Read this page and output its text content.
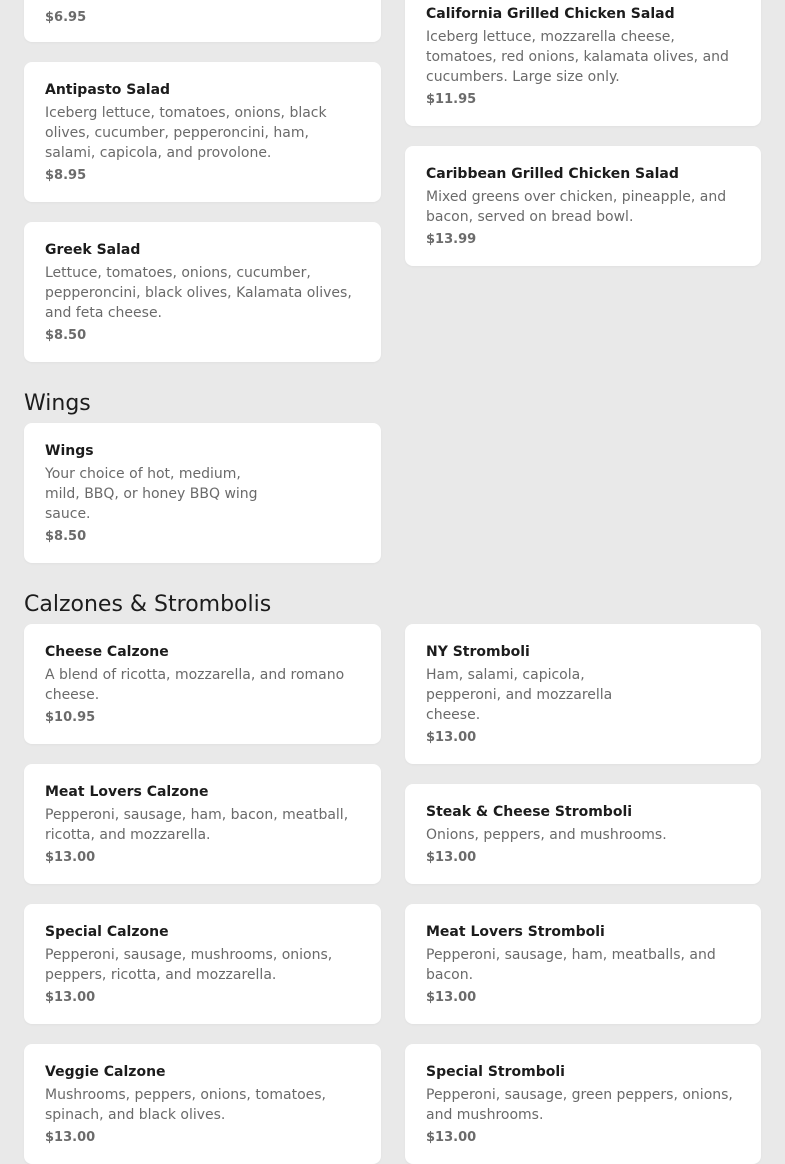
$6.95
Antipasto Salad
Iceberg lettuce, tomatoes, onions, black olives, cucumber, pepperoncini, ham, salami, capicola, and provolone.
$8.95
Greek Salad
Lettuce, tomatoes, onions, cucumber, pepperoncini, black olives, Kalamata olives, and feta cheese.
$8.50
California Grilled Chicken Salad
Iceberg lettuce, mozzarella cheese, tomatoes, red onions, kalamata olives, and cucumbers. Large size only.
$11.95
Caribbean Grilled Chicken Salad
Mixed greens over chicken, pineapple, and bacon, served on bread bowl.
$13.99
Wings
Wings
Your choice of hot, medium, mild, BBQ, or honey BBQ wing sauce.
$8.50
Calzones & Strombolis
Cheese Calzone
A blend of ricotta, mozzarella, and romano cheese.
$10.95
Meat Lovers Calzone
Pepperoni, sausage, ham, bacon, meatball, ricotta, and mozzarella.
$13.00
Special Calzone
Pepperoni, sausage, mushrooms, onions, peppers, ricotta, and mozzarella.
$13.00
Veggie Calzone
Mushrooms, peppers, onions, tomatoes, spinach, and black olives.
$13.00
NY Stromboli
Ham, salami, capicola, pepperoni, and mozzarella cheese.
$13.00
Steak & Cheese Stromboli
Onions, peppers, and mushrooms.
$13.00
Meat Lovers Stromboli
Pepperoni, sausage, ham, meatballs, and bacon.
$13.00
Special Stromboli
Pepperoni, sausage, green peppers, onions, and mushrooms.
$13.00
